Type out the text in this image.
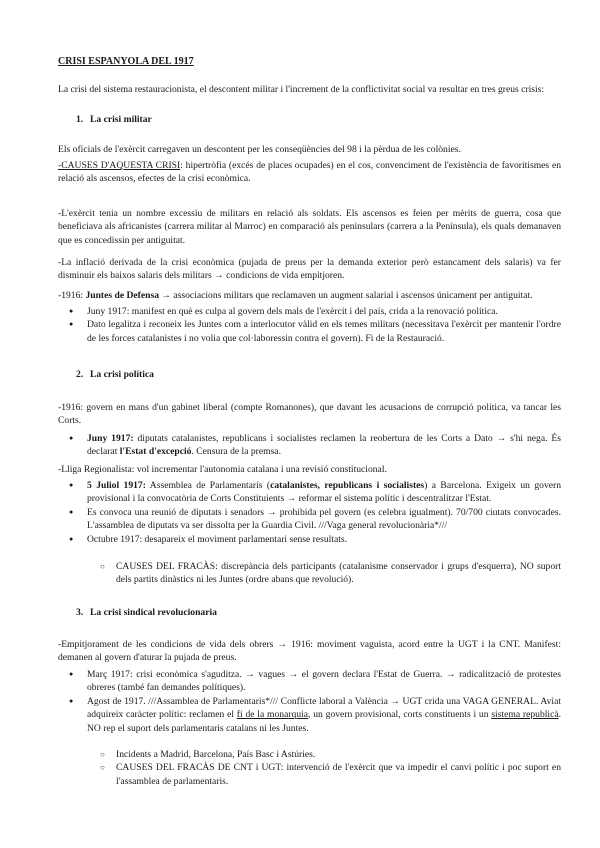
CRISI ESPANYOLA DEL 1917
La crisi del sistema restauracionista, el descontent militar i l'increment de la conflictivitat social va resultar en tres greus crisis:
1. La crisi militar
Els oficials de l'exèrcit carregaven un descontent per les conseqüències del 98 i la pèrdua de les colònies.
-CAUSES D'AQUESTA CRISI: hipertròfia (excés de places ocupades) en el cos, convenciment de l'existència de favoritismes en relació als ascensos, efectes de la crisi econòmica.
-L'exèrcit tenia un nombre excessiu de militars en relació als soldats. Els ascensos es feien per mèrits de guerra, cosa que beneficiava als africanistes (carrera militar al Marroc) en comparació als peninsulars (carrera a la Península), els quals demanaven que es concedissin per antiguitat.
-La inflació derivada de la crisi econòmica (pujada de preus per la demanda exterior però estancament dels salaris) va fer disminuir els baixos salaris dels militars → condicions de vida empitjoren.
-1916: Juntes de Defensa → associacions militars que reclamaven un augment salarial i ascensos únicament per antiguitat.
● Juny 1917: manifest en què es culpa al govern dels mals de l'exèrcit i del país, crida a la renovació política.
● Dato legalitza i reconeix les Juntes com a interlocutor vàlid en els temes militars (necessitava l'exèrcit per mantenir l'ordre de les forces catalanistes i no volia que col·laboressin contra el govern). Fi de la Restauració.
2. La crisi política
-1916: govern en mans d'un gabinet liberal (compte Romanones), que davant les acusacions de corrupció política, va tancar les Corts.
● Juny 1917: diputats catalanistes, republicans i socialistes reclamen la reobertura de les Corts a Dato → s'hi nega. És declarat l'Estat d'excepció. Censura de la premsa.
-Lliga Regionalista: vol incrementar l'autonomia catalana i una revisió constitucional.
● 5 Juliol 1917: Assemblea de Parlamentaris (catalanistes, republicans i socialistes) a Barcelona. Exigeix un govern provisional i la convocatòria de Corts Constituients → reformar el sistema polític i descentralitzar l'Estat.
● Es convoca una reunió de diputats i senadors → prohibida pel govern (es celebra igualment). 70/700 ciutats convocades. L'assamblea de diputats va ser dissolta per la Guardia Civil. ///Vaga general revolucionària*///
● Octubre 1917: desapareix el moviment parlamentari sense resultats.
○ CAUSES DEL FRACÀS: discrepància dels participants (catalanisme conservador i grups d'esquerra), NO suport dels partits dinàstics ni les Juntes (ordre abans que revolució).
3. La crisi sindical revolucionaria
-Empitjorament de les condicions de vida dels obrers → 1916: moviment vaguista, acord entre la UGT i la CNT. Manifest: demanen al govern d'aturar la pujada de preus.
● Març 1917: crisi econòmica s'aguditza. → vagues → el govern declara l'Estat de Guerra. → radicalització de protestes obreres (també fan demandes polítiques).
● Agost de 1917. ///Assamblea de Parlamentaris*/// Conflicte laboral a València → UGT crida una VAGA GENERAL. Aviat adquireix caràcter polític: reclamen el fi de la monarquia, un govern provisional, corts constituents i un sistema republicà. NO rep el suport dels parlamentaris catalans ni les Juntes.
○ Incidents a Madrid, Barcelona, País Basc i Astúries.
○ CAUSES DEL FRACÀS DE CNT i UGT: intervenció de l'exèrcit que va impedir el canvi polític i poc suport en l'assamblea de parlamentaris.
